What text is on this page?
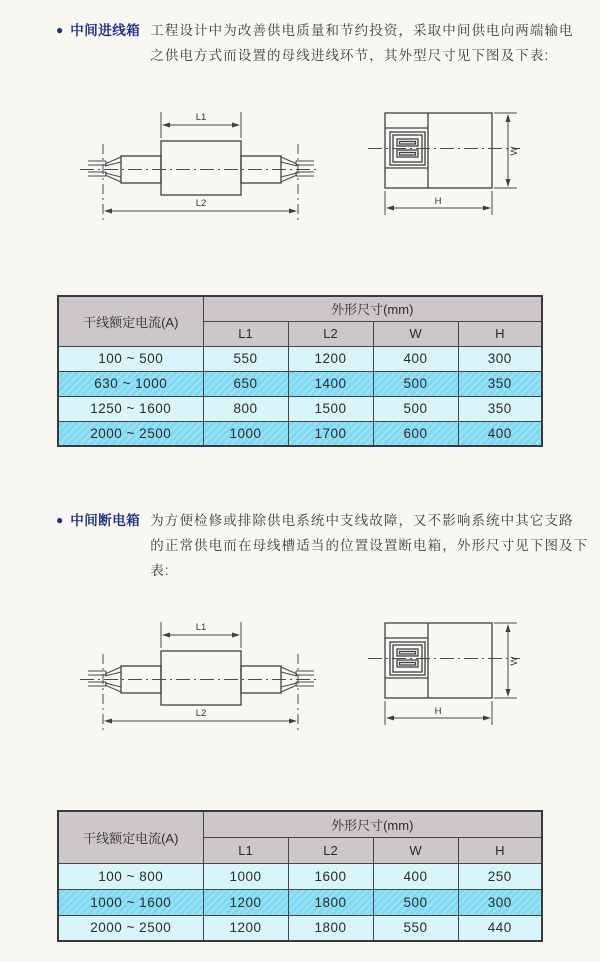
● 中间进线箱 工程设计中为改善供电质量和节约投资，采取中间供电向两端输电
之供电方式而设置的母线进线环节，其外型尺寸见下图及下表:
L1
L2
W
H
干线额定电流(A)	外形尺寸(mm)			
	L1	L2	W	H
100 ~ 500	550	1200	400	300
630 ~ 1000	650	1400	500	350
1250 ~ 1600	800	1500	500	350
2000 ~ 2500	1000	1700	600	400
● 中间断电箱 为方便检修或排除供电系统中支线故障，又不影响系统中其它支路
的正常供电而在母线槽适当的位置设置断电箱，外形尺寸见下图及下表:
L1
L2
W
H
干线额定电流(A)	外形尺寸(mm)			
	L1	L2	W	H
100 ~ 800	1000	1600	400	250
1000 ~ 1600	1200	1800	500	300
2000 ~ 2500	1200	1800	550	440
